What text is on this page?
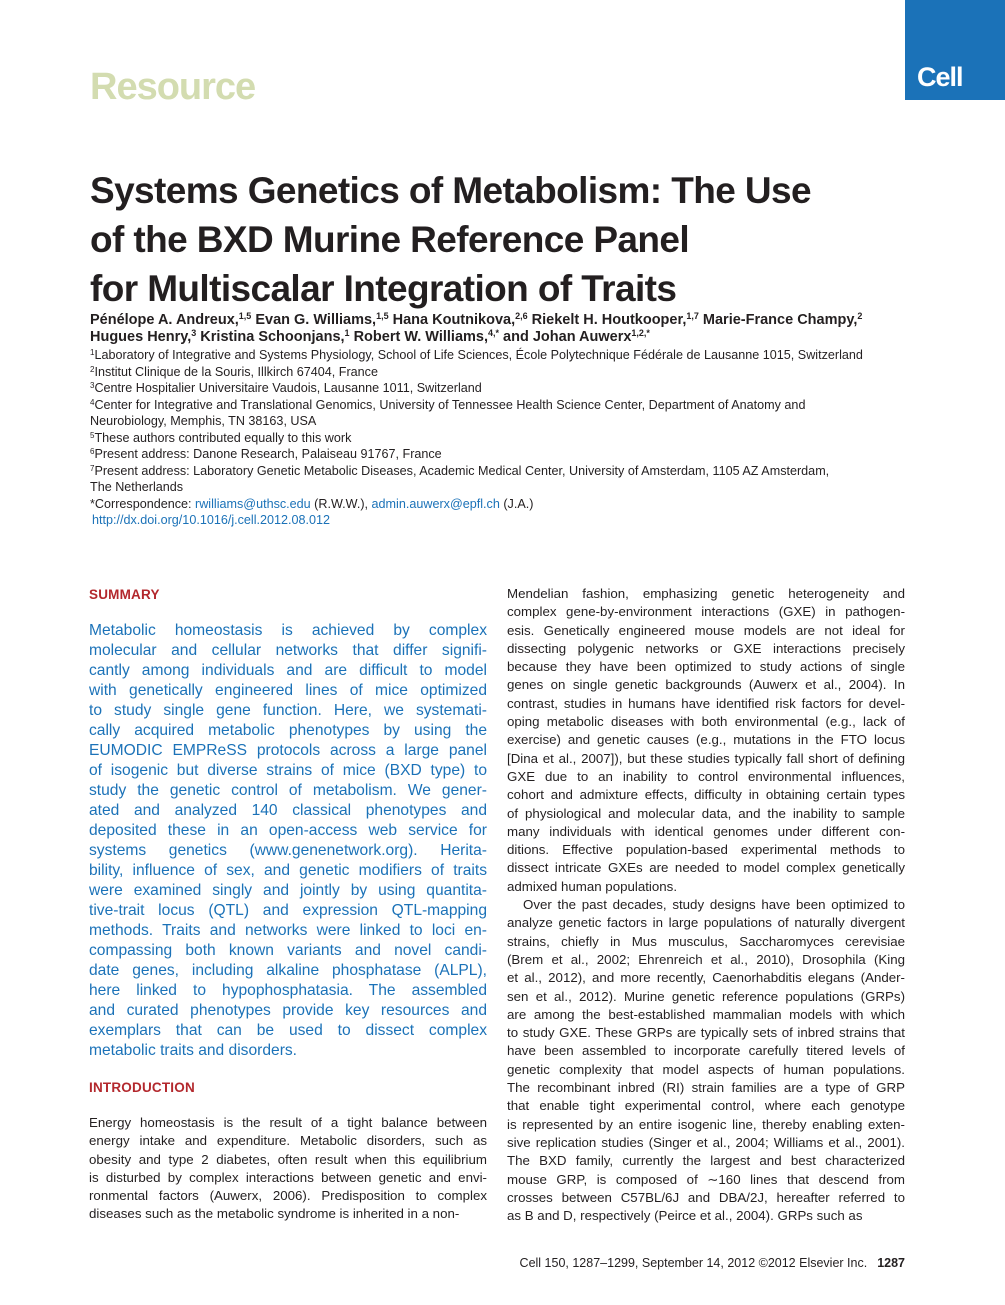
Resource	Cell
Systems Genetics of Metabolism: The Use
of the BXD Murine Reference Panel
for Multiscalar Integration of Traits
Pénélope A. Andreux,$^{1,5}$ Evan G. Williams,$^{1,5}$ Hana Koutnikova,$^{2,6}$ Riekelt H. Houtkooper,$^{1,7}$ Marie-France Champy,$^2$
Hugues Henry,$^3$ Kristina Schoonjans,$^1$ Robert W. Williams,$^{4,*}$ and Johan Auwerx$^{1,2,*}$
$^1$Laboratory of Integrative and Systems Physiology, School of Life Sciences, École Polytechnique Fédérale de Lausanne 1015, Switzerland
$^2$Institut Clinique de la Souris, Illkirch 67404, France
$^3$Centre Hospitalier Universitaire Vaudois, Lausanne 1011, Switzerland
$^4$Center for Integrative and Translational Genomics, University of Tennessee Health Science Center, Department of Anatomy and
Neurobiology, Memphis, TN 38163, USA
$^5$These authors contributed equally to this work
$^6$Present address: Danone Research, Palaiseau 91767, France
$^7$Present address: Laboratory Genetic Metabolic Diseases, Academic Medical Center, University of Amsterdam, 1105 AZ Amsterdam,
The Netherlands
*Correspondence: rwilliams@uthsc.edu (R.W.W.), admin.auwerx@epfl.ch (J.A.)
http://dx.doi.org/10.1016/j.cell.2012.08.012
SUMMARY
Metabolic homeostasis is achieved by complex
molecular and cellular networks that differ signifi-
cantly among individuals and are difficult to model
with genetically engineered lines of mice optimized
to study single gene function. Here, we systemati-
cally acquired metabolic phenotypes by using the
EUMODIC EMPReSS protocols across a large panel
of isogenic but diverse strains of mice (BXD type) to
study the genetic control of metabolism. We gener-
ated and analyzed 140 classical phenotypes and
deposited these in an open-access web service for
systems genetics (www.genenetwork.org). Herita-
bility, influence of sex, and genetic modifiers of traits
were examined singly and jointly by using quantita-
tive-trait locus (QTL) and expression QTL-mapping
methods. Traits and networks were linked to loci en-
compassing both known variants and novel candi-
date genes, including alkaline phosphatase (ALPL),
here linked to hypophosphatasia. The assembled
and curated phenotypes provide key resources and
exemplars that can be used to dissect complex
metabolic traits and disorders.
INTRODUCTION
Energy homeostasis is the result of a tight balance between
energy intake and expenditure. Metabolic disorders, such as
obesity and type 2 diabetes, often result when this equilibrium
is disturbed by complex interactions between genetic and envi-
ronmental factors (Auwerx, 2006). Predisposition to complex
diseases such as the metabolic syndrome is inherited in a non-
Mendelian fashion, emphasizing genetic heterogeneity and
complex gene-by-environment interactions (GXE) in pathogen-
esis. Genetically engineered mouse models are not ideal for
dissecting polygenic networks or GXE interactions precisely
because they have been optimized to study actions of single
genes on single genetic backgrounds (Auwerx et al., 2004). In
contrast, studies in humans have identified risk factors for devel-
oping metabolic diseases with both environmental (e.g., lack of
exercise) and genetic causes (e.g., mutations in the FTO locus
[Dina et al., 2007]), but these studies typically fall short of defining
GXE due to an inability to control environmental influences,
cohort and admixture effects, difficulty in obtaining certain types
of physiological and molecular data, and the inability to sample
many individuals with identical genomes under different con-
ditions. Effective population-based experimental methods to
dissect intricate GXEs are needed to model complex genetically
admixed human populations.
Over the past decades, study designs have been optimized to
analyze genetic factors in large populations of naturally divergent
strains, chiefly in Mus musculus, Saccharomyces cerevisiae
(Brem et al., 2002; Ehrenreich et al., 2010), Drosophila (King
et al., 2012), and more recently, Caenorhabditis elegans (Ander-
sen et al., 2012). Murine genetic reference populations (GRPs)
are among the best-established mammalian models with which
to study GXE. These GRPs are typically sets of inbred strains that
have been assembled to incorporate carefully titered levels of
genetic complexity that model aspects of human populations.
The recombinant inbred (RI) strain families are a type of GRP
that enable tight experimental control, where each genotype
is represented by an entire isogenic line, thereby enabling exten-
sive replication studies (Singer et al., 2004; Williams et al., 2001).
The BXD family, currently the largest and best characterized
mouse GRP, is composed of ∼160 lines that descend from
crosses between C57BL/6J and DBA/2J, hereafter referred to
as B and D, respectively (Peirce et al., 2004). GRPs such as
Cell 150, 1287–1299, September 14, 2012 ©2012 Elsevier Inc. 1287
